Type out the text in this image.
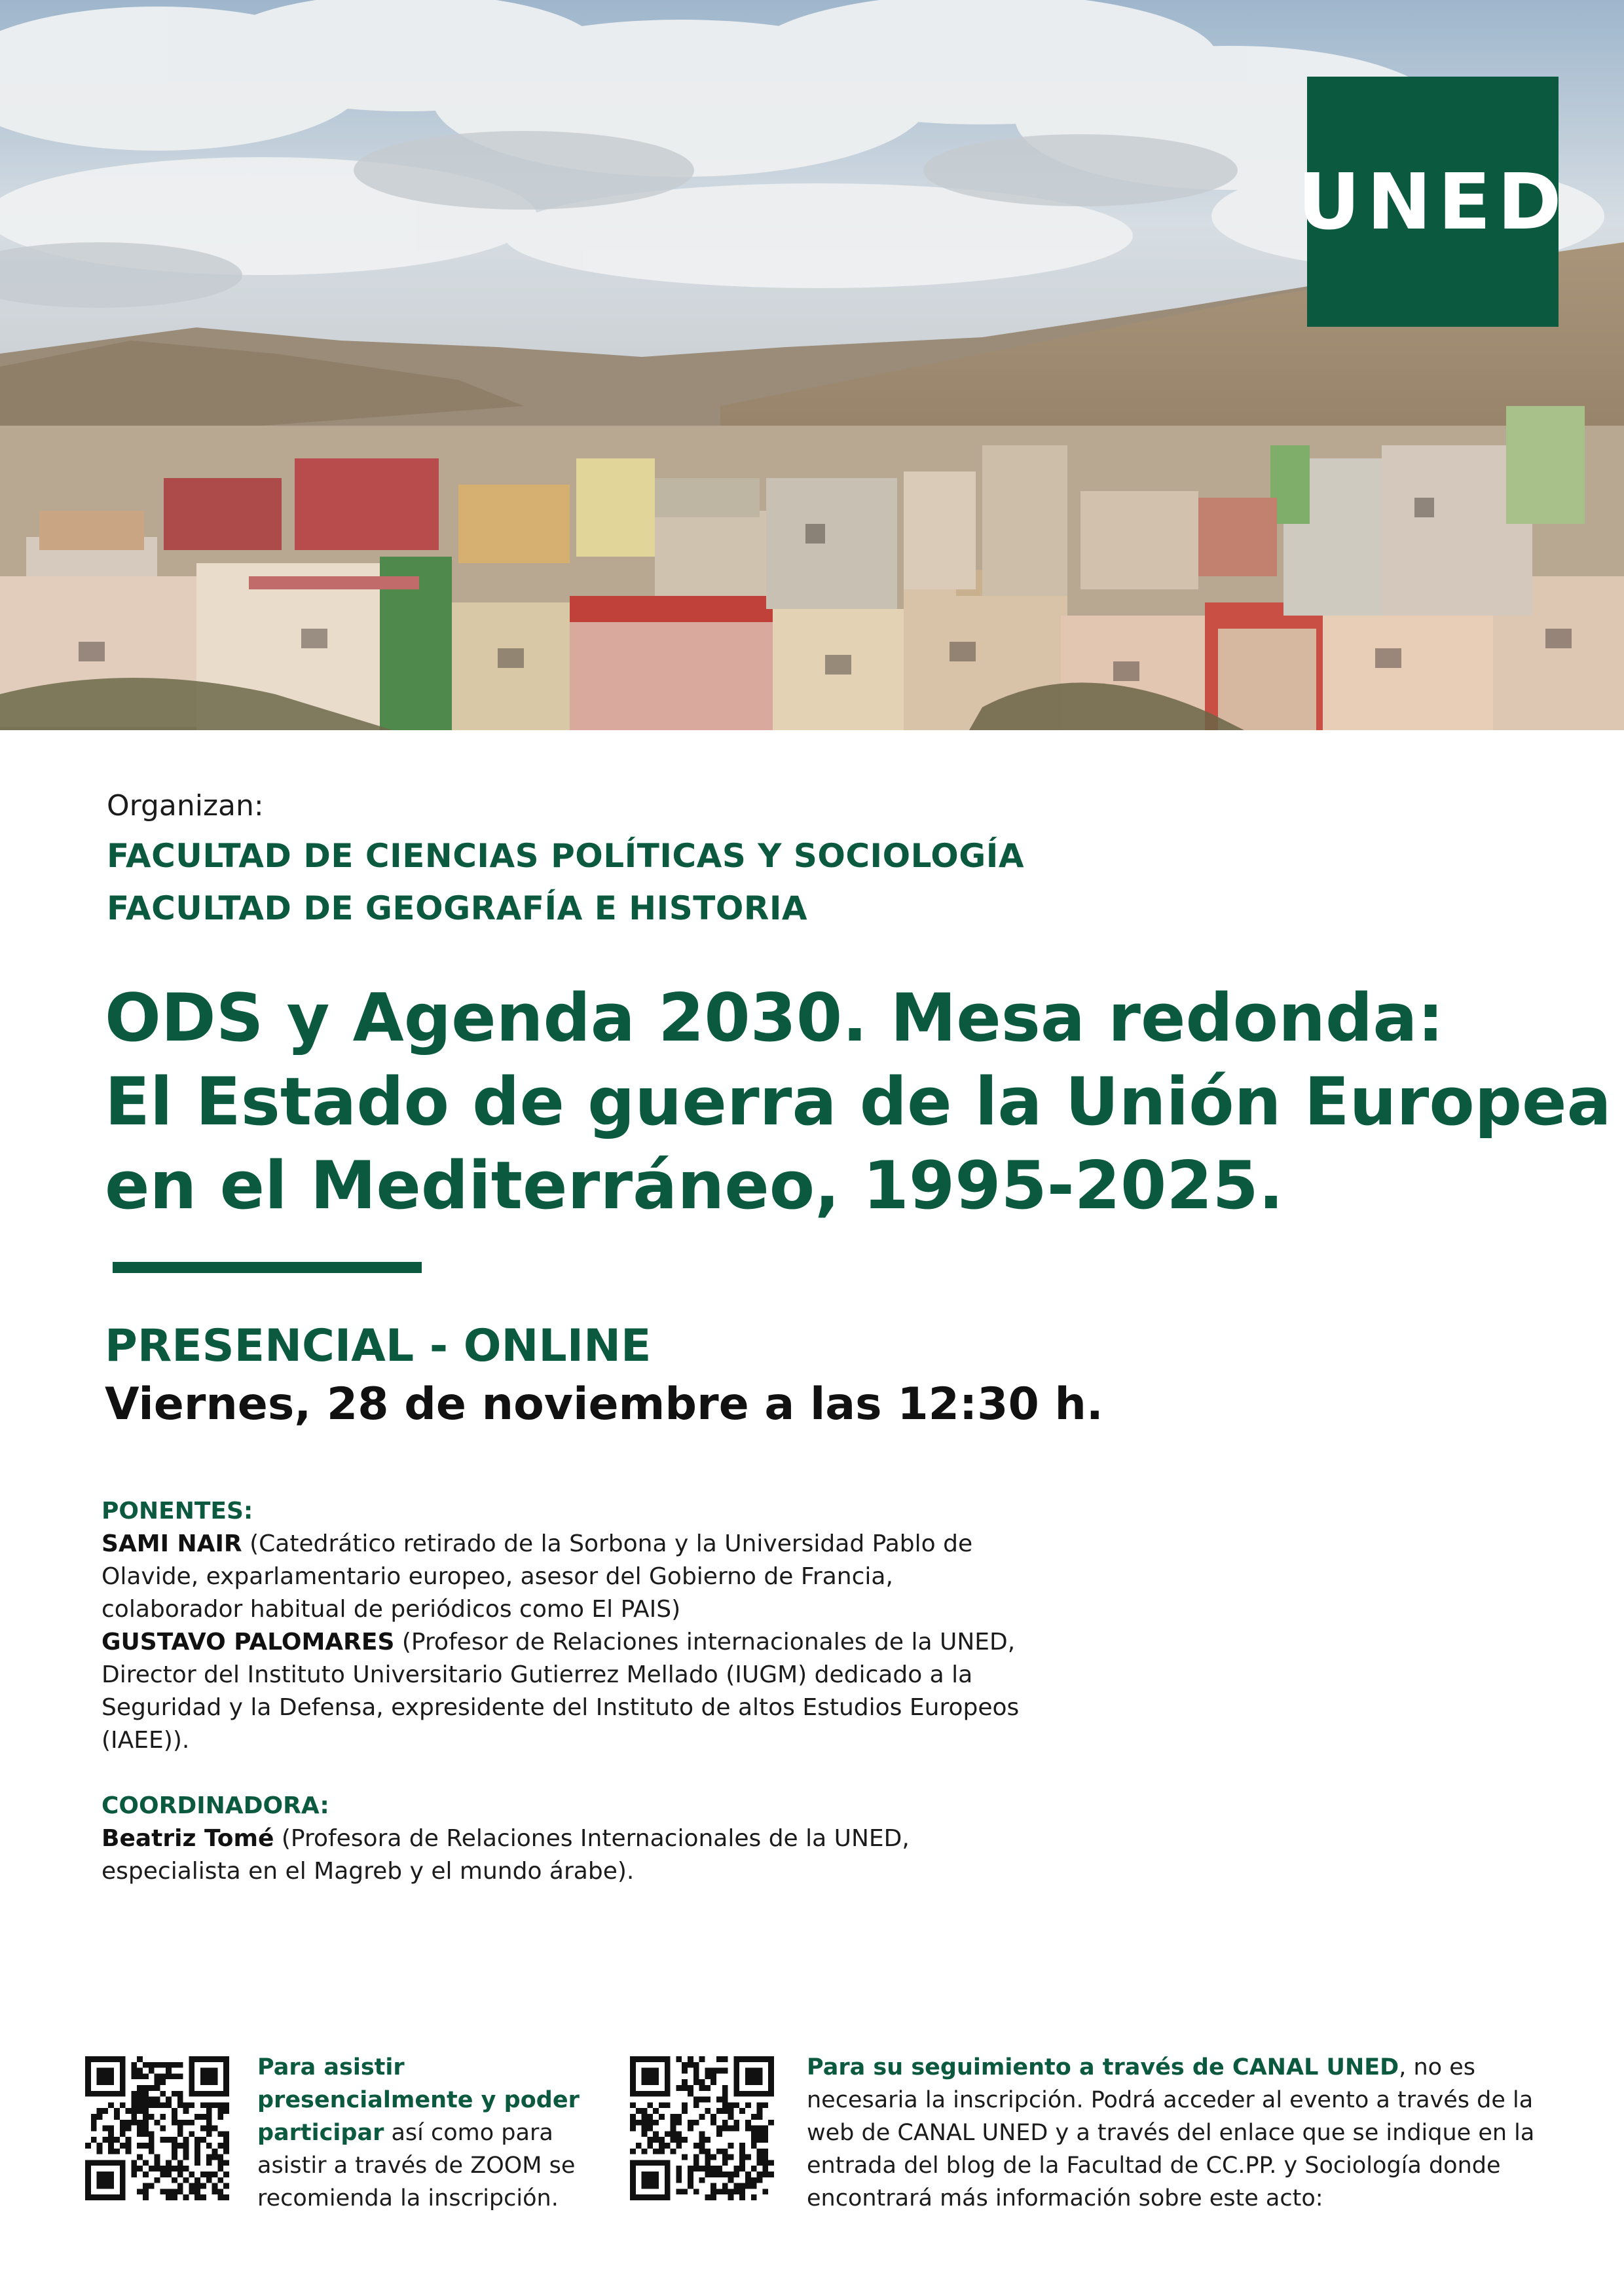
UNED
Organizan:
FACULTAD DE CIENCIAS POLÍTICAS Y SOCIOLOGÍA
FACULTAD DE GEOGRAFÍA E HISTORIA
ODS y Agenda 2030. Mesa redonda:
El Estado de guerra de la Unión Europea
en el Mediterráneo, 1995-2025.
PRESENCIAL - ONLINE
Viernes, 28 de noviembre a las 12:30 h.
PONENTES:
SAMI NAIR (Catedrático retirado de la Sorbona y la Universidad Pablo de Olavide, exparlamentario europeo, asesor del Gobierno de Francia, colaborador habitual de periódicos como El PAIS)
GUSTAVO PALOMARES (Profesor de Relaciones internacionales de la UNED, Director del Instituto Universitario Gutierrez Mellado (IUGM) dedicado a la Seguridad y la Defensa, expresidente del Instituto de altos Estudios Europeos (IAEE)).
COORDINADORA:
Beatriz Tomé (Profesora de Relaciones Internacionales de la UNED, especialista en el Magreb y el mundo árabe).
Para asistir presencialmente y poder participar así como para asistir a través de ZOOM se recomienda la inscripción.
Para su seguimiento a través de CANAL UNED, no es necesaria la inscripción. Podrá acceder al evento a través de la web de CANAL UNED y a través del enlace que se indique en la entrada del blog de la Facultad de CC.PP. y Sociología donde encontrará más información sobre este acto:
